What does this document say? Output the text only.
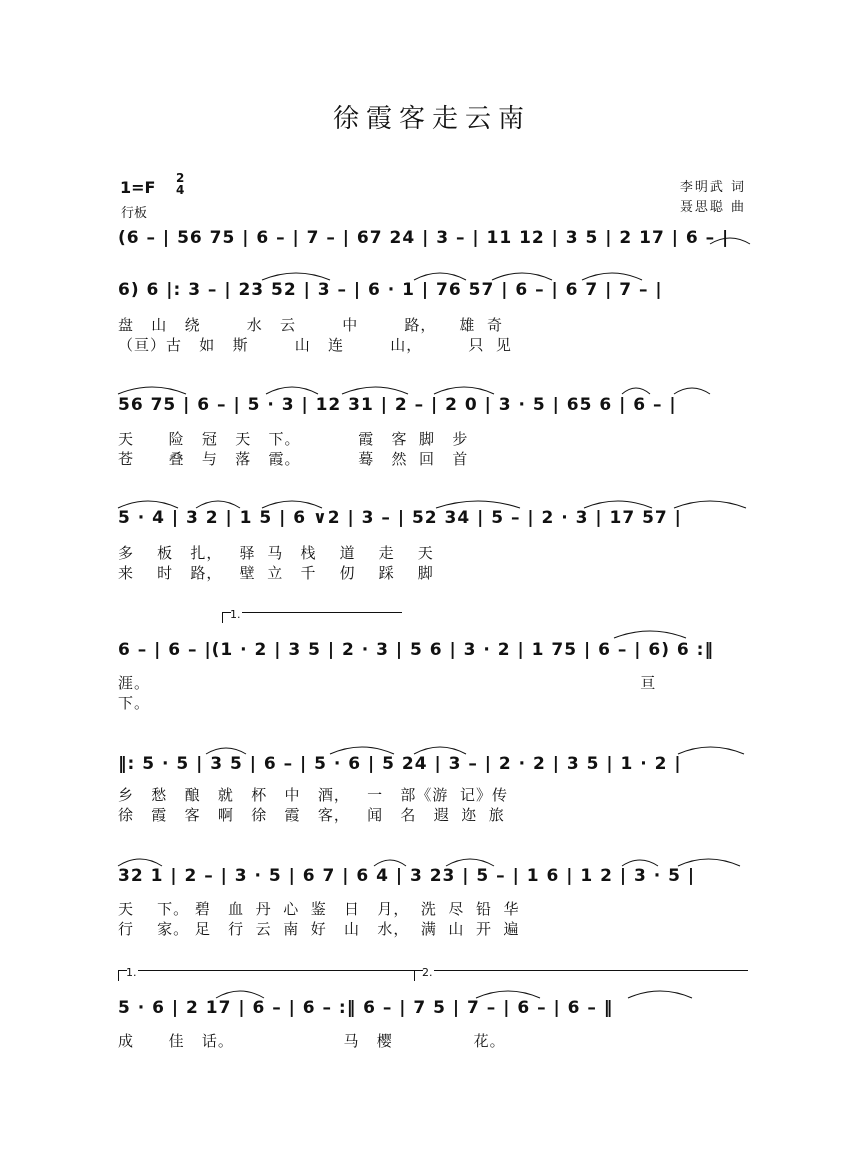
徐霞客走云南
1=F 2
4
行板
李明武 词
聂思聪 曲
(6 – | 56 75 | 6 – | 7 – | 67 24 | 3 – | 11 12 | 3 5 | 2 17 | 6 – |
6) 6 |: 3 – | 23 52 | 3 – | 6 · 1 | 76 57 | 6 – | 6 7 | 7 – |
盘   山   绕        水   云        中        路，    雄  奇
（亘）古   如   斯        山   连        山，        只  见
56 75 | 6 – | 5 · 3 | 12 31 | 2 – | 2 0 | 3 · 5 | 65 6 | 6 – |
天      险   冠   天   下。          霞   客  脚   步
苍      叠   与   落   霞。          蓦   然  回   首
5 · 4 | 3 2 | 1 5 | 6 ∨2 | 3 – | 52 34 | 5 – | 2 · 3 | 17 57 |
多    板   扎，   驿  马   栈    道    走    天
来    时   路，   壁  立   千    仞    踩    脚
1.
6 – | 6 – |(1 · 2 | 3 5 | 2 · 3 | 5 6 | 3 · 2 | 1 75 | 6 – | 6) 6 :‖
涯。                                                                                     亘
下。
‖: 5 · 5 | 3 5 | 6 – | 5 · 6 | 5 24 | 3 – | 2 · 2 | 3 5 | 1 · 2 |
乡   愁   酿   就   杯   中   酒，   一   部《游  记》传
徐   霞   客   啊   徐   霞   客，   闻   名   遐  迩  旅
32 1 | 2 – | 3 · 5 | 6 7 | 6 4 | 3 23 | 5 – | 1 6 | 1 2 | 3 · 5 |
天    下。 碧   血  丹  心  鉴   日   月，  洗  尽  铅  华
行    家。 足   行  云  南  好   山   水，  满  山  开  遍
1.	2.
5 · 6 | 2 17 | 6 – | 6 – :‖ 6 – | 7 5 | 7 – | 6 – | 6 – ‖
成      佳   话。                   马   樱              花。
